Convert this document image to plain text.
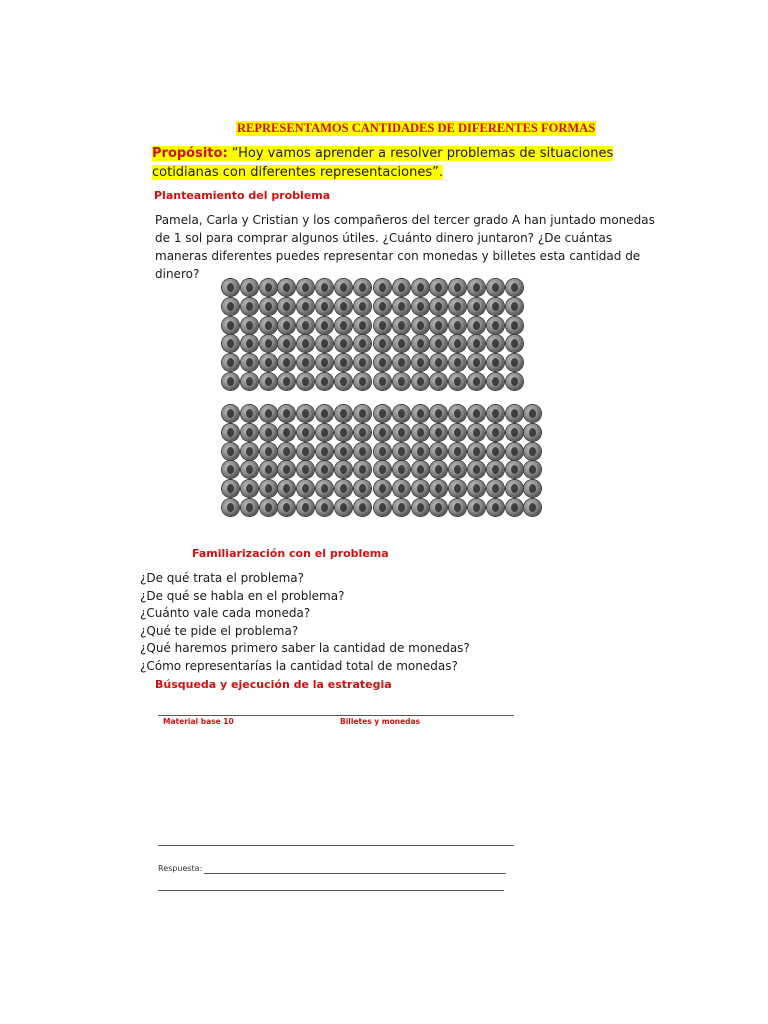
REPRESENTAMOS CANTIDADES DE DIFERENTES FORMAS
Propósito: “Hoy vamos aprender a resolver problemas de situaciones cotidianas con diferentes representaciones”.
Planteamiento del problema
Pamela, Carla y Cristian y los compañeros del tercer grado A han juntado monedas de 1 sol para comprar algunos útiles. ¿Cuánto dinero juntaron? ¿De cuántas maneras diferentes puedes representar con monedas y billetes esta cantidad de dinero?
Familiarización con el problema
¿De qué trata el problema?
¿De qué se habla en el problema?
¿Cuánto vale cada moneda?
¿Qué te pide el problema?
¿Qué haremos primero saber la cantidad de monedas?
¿Cómo representarías la cantidad total de monedas?
Búsqueda y ejecución de la estrategia
Material base 10	Billetes y monedas
Respuesta:
